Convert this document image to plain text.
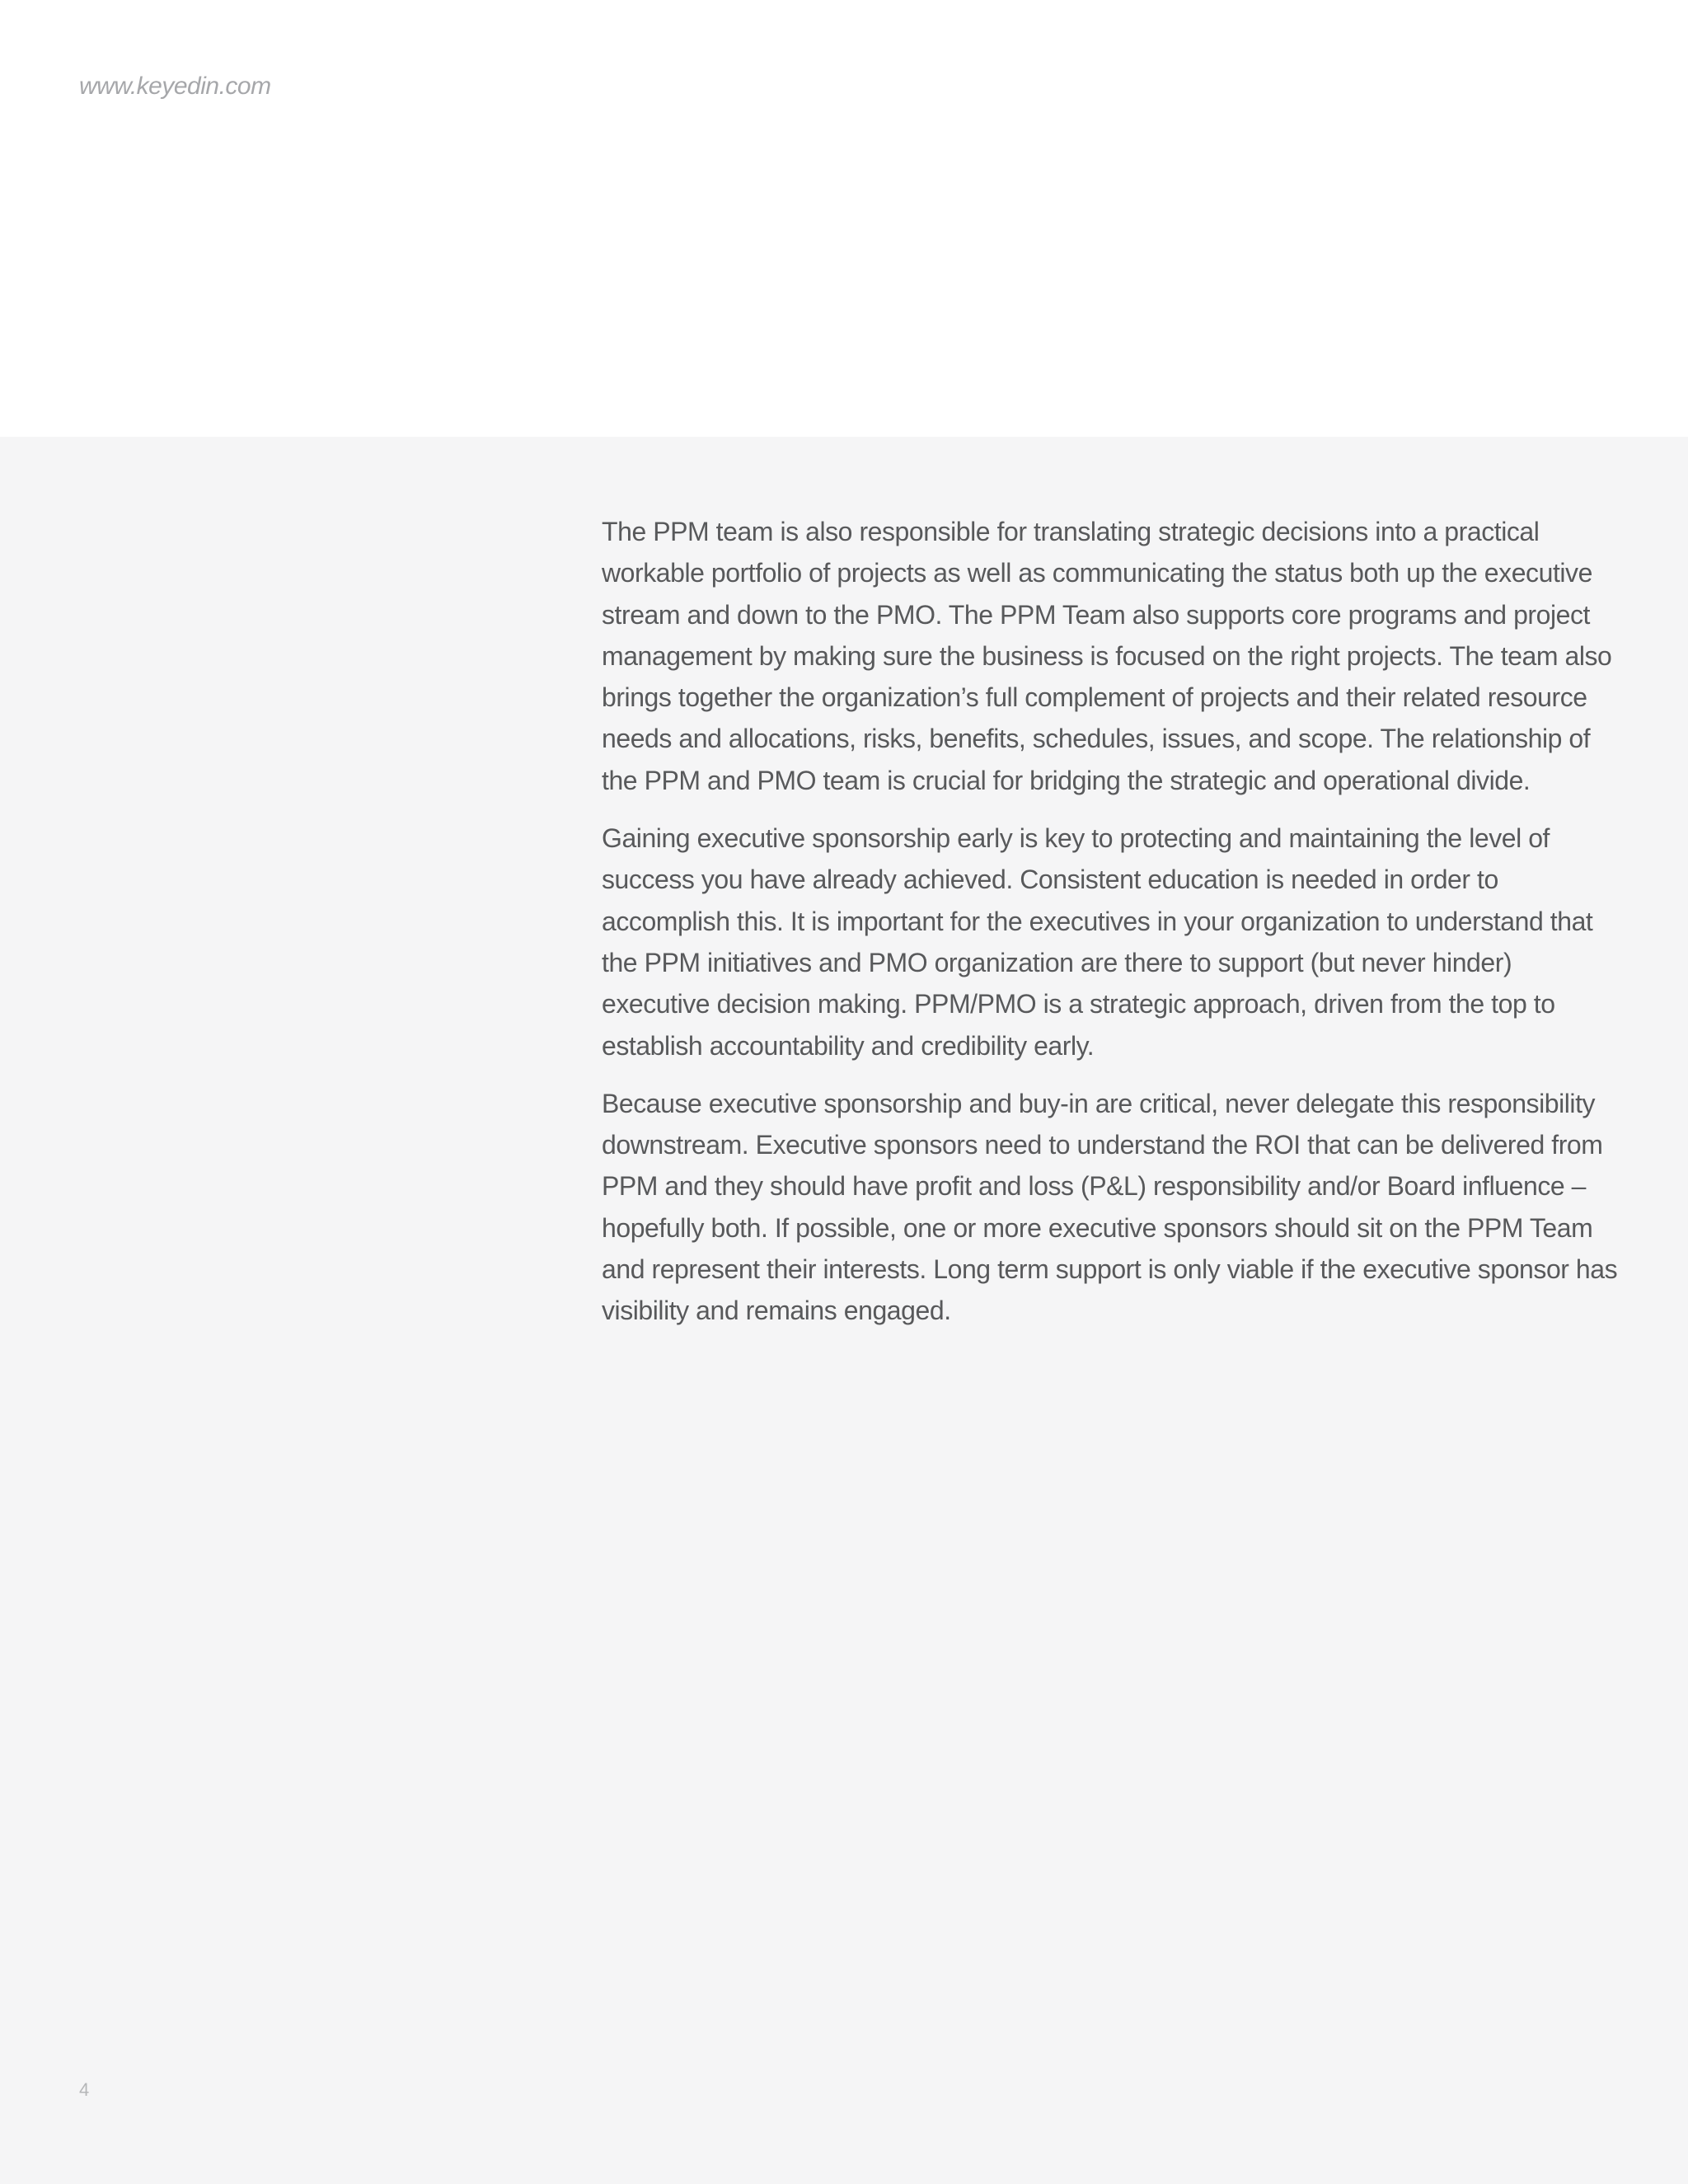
www.keyedin.com

The PPM team is also responsible for translating strategic decisions into a practical workable portfolio of projects as well as communicating the status both up the executive stream and down to the PMO. The PPM Team also supports core programs and project management by making sure the business is focused on the right projects. The team also brings together the organization’s full complement of projects and their related resource needs and allocations, risks, benefits, schedules, issues, and scope. The relationship of the PPM and PMO team is crucial for bridging the strategic and operational divide.

Gaining executive sponsorship early is key to protecting and maintaining the level of success you have already achieved. Consistent education is needed in order to accomplish this. It is important for the executives in your organization to understand that the PPM initiatives and PMO organization are there to support (but never hinder) executive decision making. PPM/PMO is a strategic approach, driven from the top to establish accountability and credibility early.

Because executive sponsorship and buy-in are critical, never delegate this responsibility downstream. Executive sponsors need to understand the ROI that can be delivered from PPM and they should have profit and loss (P&L) responsibility and/or Board influence – hopefully both. If possible, one or more executive sponsors should sit on the PPM Team and represent their interests. Long term support is only viable if the executive sponsor has visibility and remains engaged.

4
